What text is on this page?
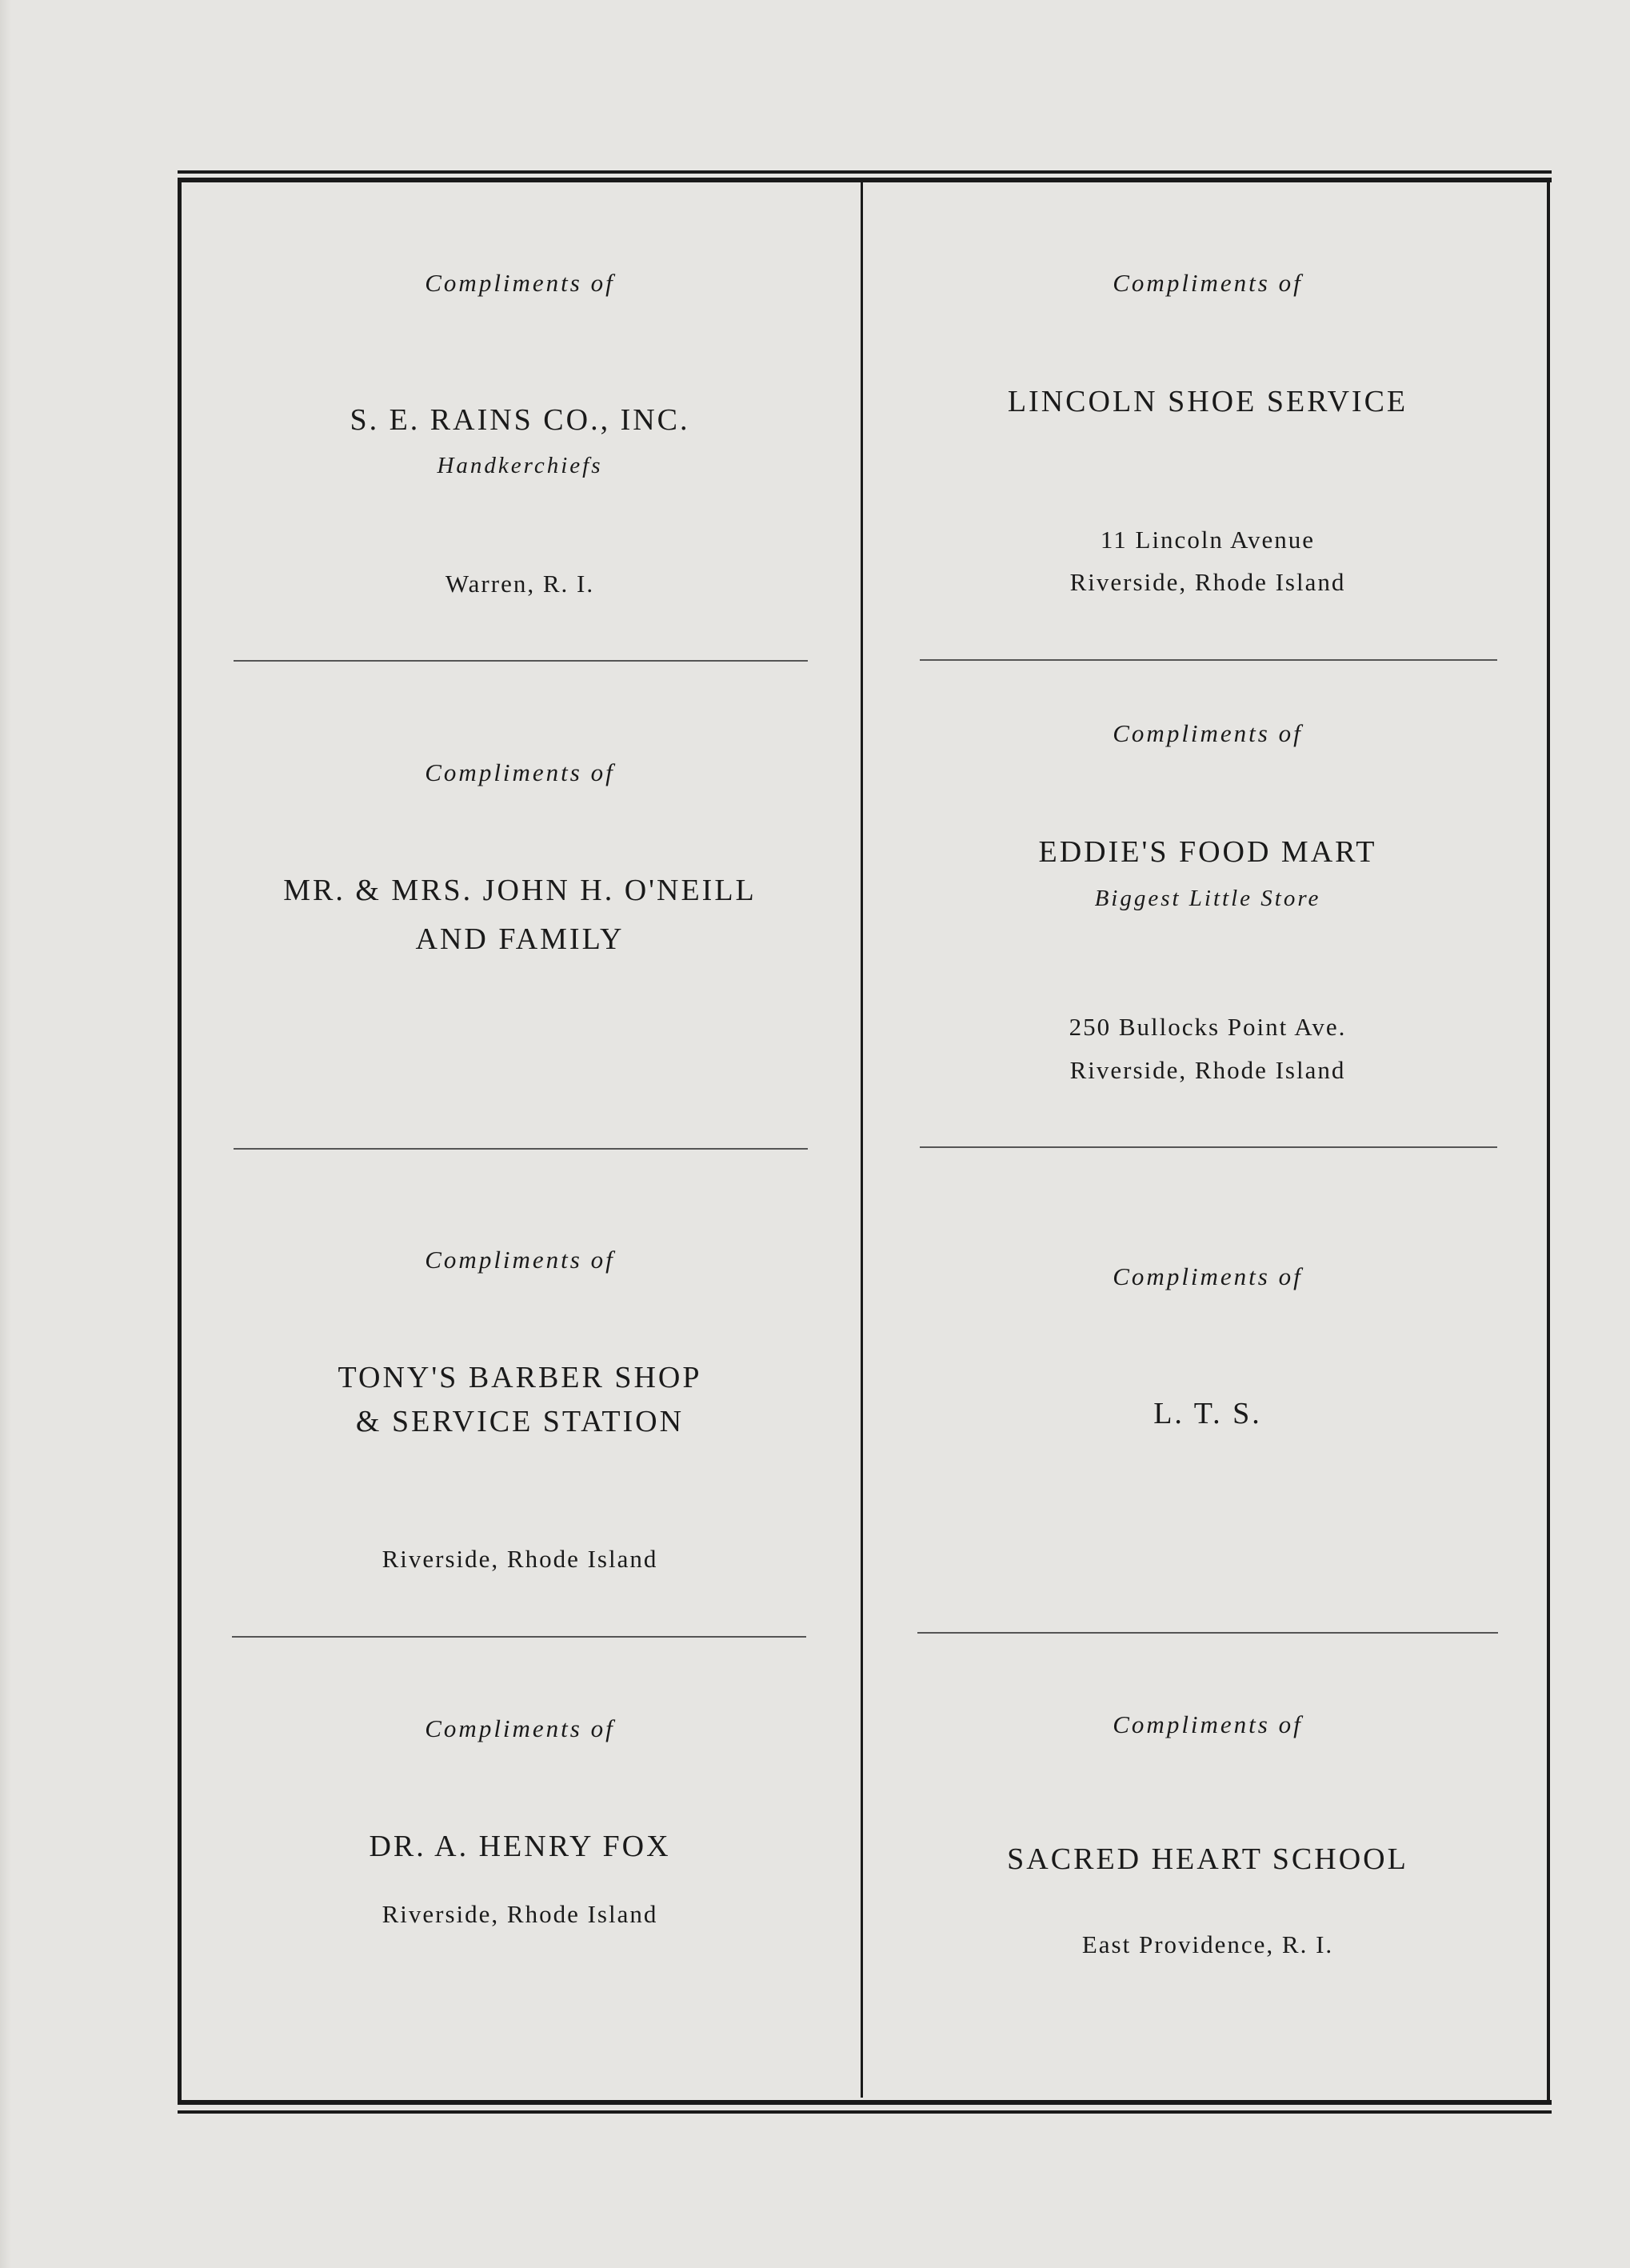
Compliments of
S. E. RAINS CO., INC.
Handkerchiefs
Warren, R. I.
Compliments of
MR. & MRS. JOHN H. O'NEILL
AND FAMILY
Compliments of
TONY'S BARBER SHOP
& SERVICE STATION
Riverside, Rhode Island
Compliments of
DR. A. HENRY FOX
Riverside, Rhode Island
Compliments of
LINCOLN SHOE SERVICE
11 Lincoln Avenue
Riverside, Rhode Island
Compliments of
EDDIE'S FOOD MART
Biggest Little Store
250 Bullocks Point Ave.
Riverside, Rhode Island
Compliments of
L. T. S.
Compliments of
SACRED HEART SCHOOL
East Providence, R. I.
